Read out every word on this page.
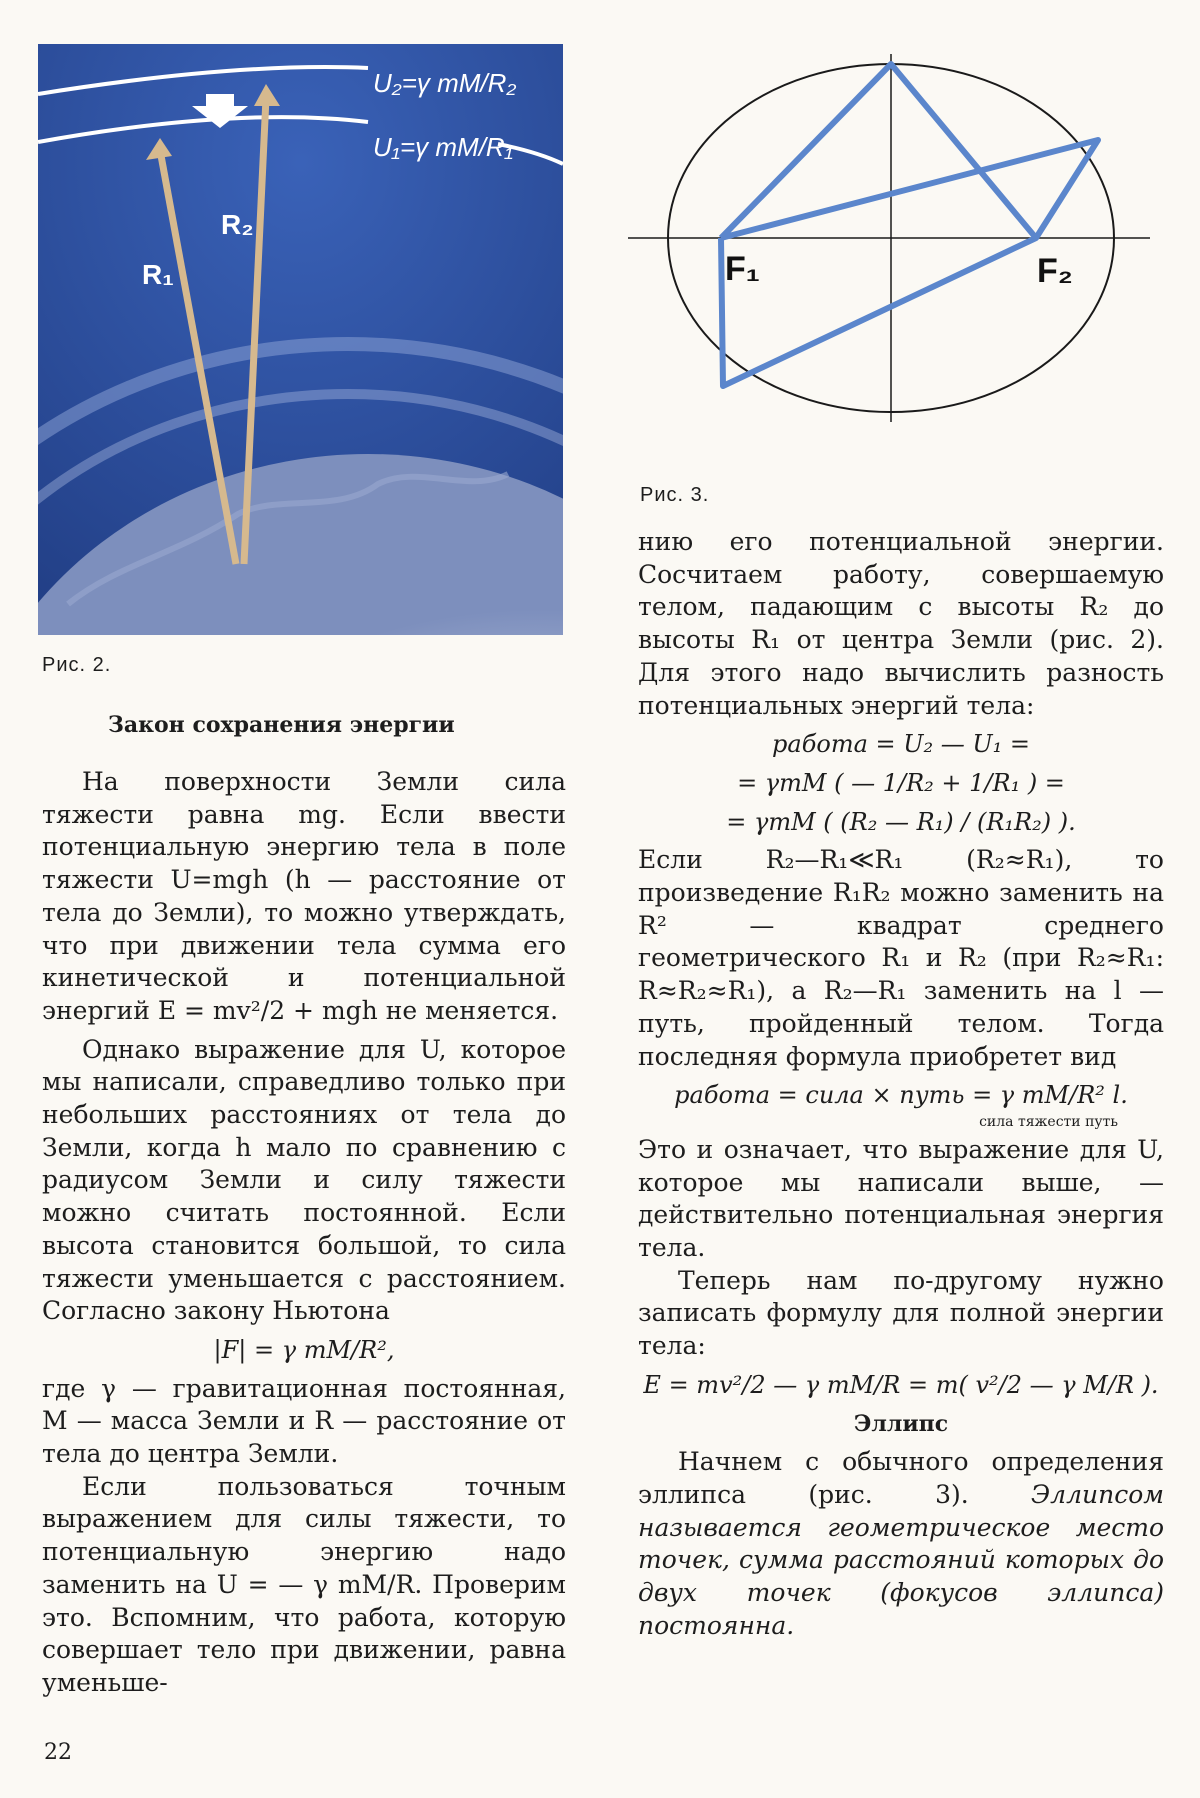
R₁
R₂
U₂=γ mM/R₂
U₁=γ mM/R₁
Рис. 2.
F₁	F₂
Рис. 3.
Закон сохранения энергии

На поверхности Земли сила тяжести равна mg. Если ввести потенциальную энергию тела в поле тяжести U=mgh (h — расстояние от тела до Земли), то можно утверждать, что при движении тела сумма его кинетической и потенциальной энергий E = mv²/2 + mgh не меняется.

Однако выражение для U, которое мы написали, справедливо только при небольших расстояниях от тела до Земли, когда h мало по сравнению с радиусом Земли и силу тяжести можно считать постоянной. Если высота становится большой, то сила тяжести уменьшается с расстоянием. Согласно закону Ньютона

|F| = γ mM/R²,

где γ — гравитационная постоянная, M — масса Земли и R — расстояние от тела до центра Земли.

Если пользоваться точным выражением для силы тяжести, то потенциальную энергию надо заменить на U = — γ mM/R. Проверим это. Вспомним, что работа, которую совершает тело при движении, равна уменьше-

нию его потенциальной энергии. Сосчитаем работу, совершаемую телом, падающим с высоты R₂ до высоты R₁ от центра Земли (рис. 2). Для этого надо вычислить разность потенциальных энергий тела:

работа = U₂ — U₁ =
= γmM ( — 1/R₂ + 1/R₁ ) =
= γmM ( (R₂ — R₁) / (R₁R₂) ).

Если R₂—R₁≪R₁ (R₂≈R₁), то произведение R₁R₂ можно заменить на R² — квадрат среднего геометрического R₁ и R₂ (при R₂≈R₁: R≈R₂≈R₁), а R₂—R₁ заменить на l — путь, пройденный телом. Тогда последняя формула приобретет вид

работа = сила × путь = γ mM/R² l.
сила тяжести путь

Это и означает, что выражение для U, которое мы написали выше, — действительно потенциальная энергия тела.

Теперь нам по-другому нужно записать формулу для полной энергии тела:

E = mv²/2 — γ mM/R = m( v²/2 — γ M/R ).
Эллипс

Начнем с обычного определения эллипса (рис. 3). Эллипсом называется геометрическое место точек, сумма расстояний которых до двух точек (фокусов эллипса) постоянна.

22
